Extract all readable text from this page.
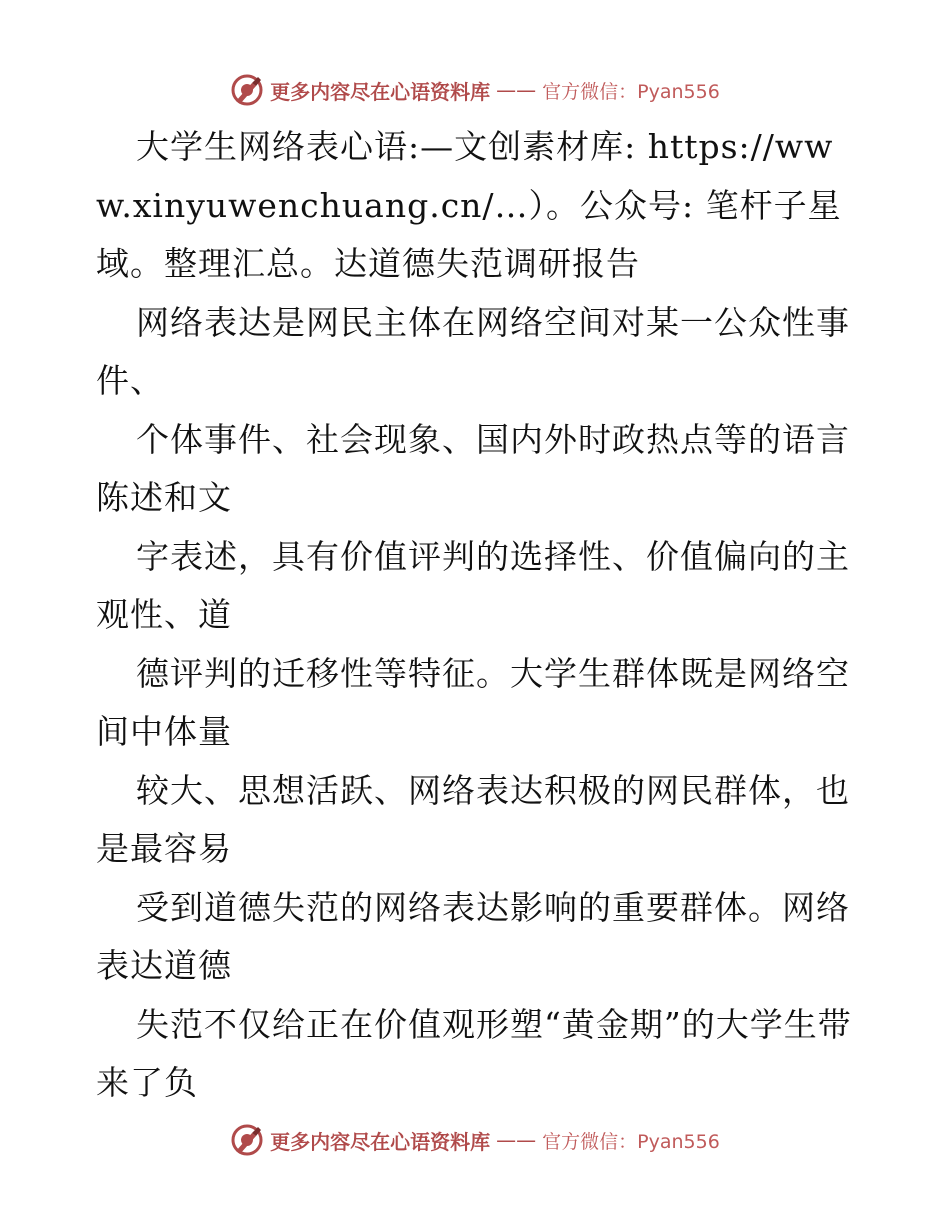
更多内容尽在心语资料库 —— 官方微信：Pyan556

大学生网络表心语:—文创素材库: https://www.xinyuwenchuang.cn/…）。公众号: 笔杆子星域。整理汇总。达道德失范调研报告

网络表达是网民主体在网络空间对某一公众性事件、

个体事件、社会现象、国内外时政热点等的语言陈述和文

字表述，具有价值评判的选择性、价值偏向的主观性、道

德评判的迁移性等特征。大学生群体既是网络空间中体量

较大、思想活跃、网络表达积极的网民群体，也是最容易

受到道德失范的网络表达影响的重要群体。网络表达道德

失范不仅给正在价值观形塑“黄金期”的大学生带来了负

更多内容尽在心语资料库 —— 官方微信：Pyan556
